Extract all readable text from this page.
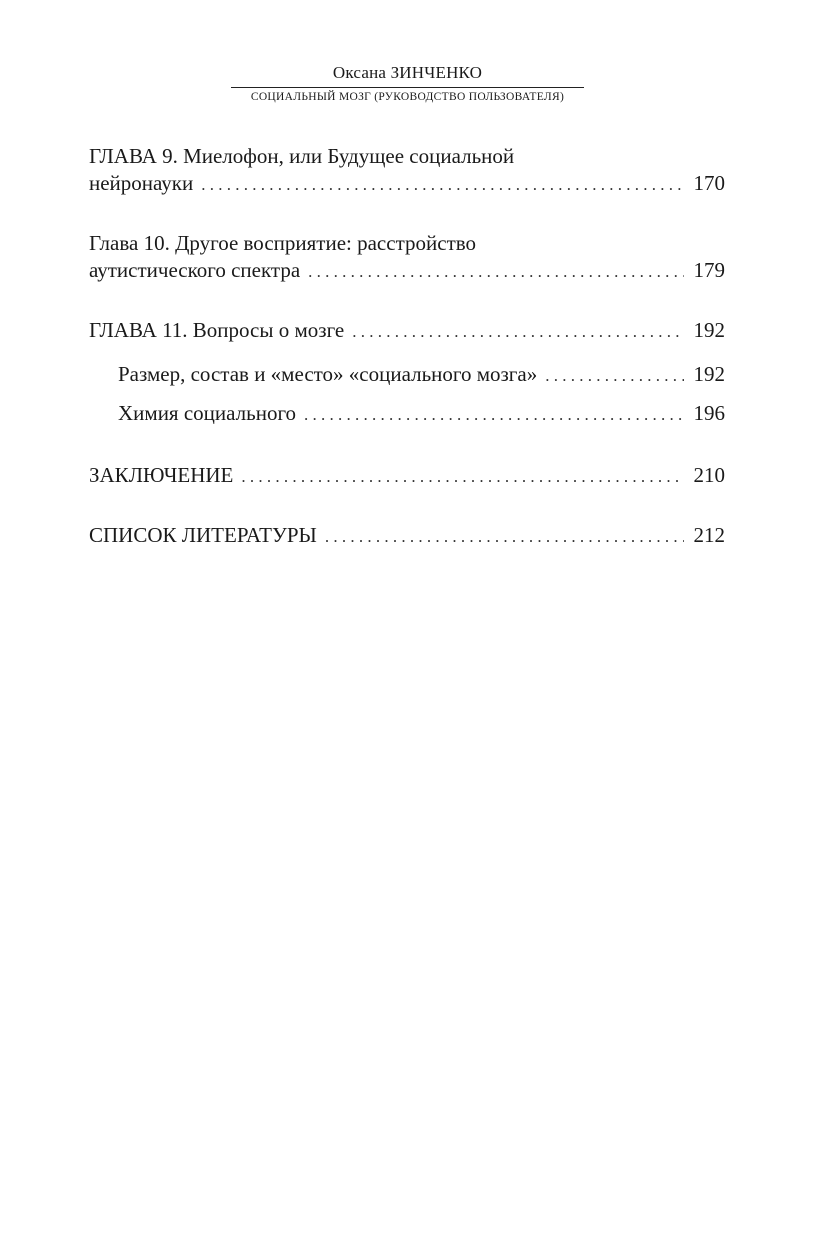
Оксана ЗИНЧЕНКО
СОЦИАЛЬНЫЙ МОЗГ (РУКОВОДСТВО ПОЛЬЗОВАТЕЛЯ)
ГЛАВА 9. Миелофон, или Будущее социальной
нейронауки . . .	170
Глава 10. Другое восприятие: расстройство
аутистического спектра . . .	179
ГЛАВА 11. Вопросы о мозге . . .	192
Размер, состав и «место» «социального мозга» . . .	192
Химия социального . . .	196
ЗАКЛЮЧЕНИЕ . . .	210
СПИСОК ЛИТЕРАТУРЫ . . .	212
